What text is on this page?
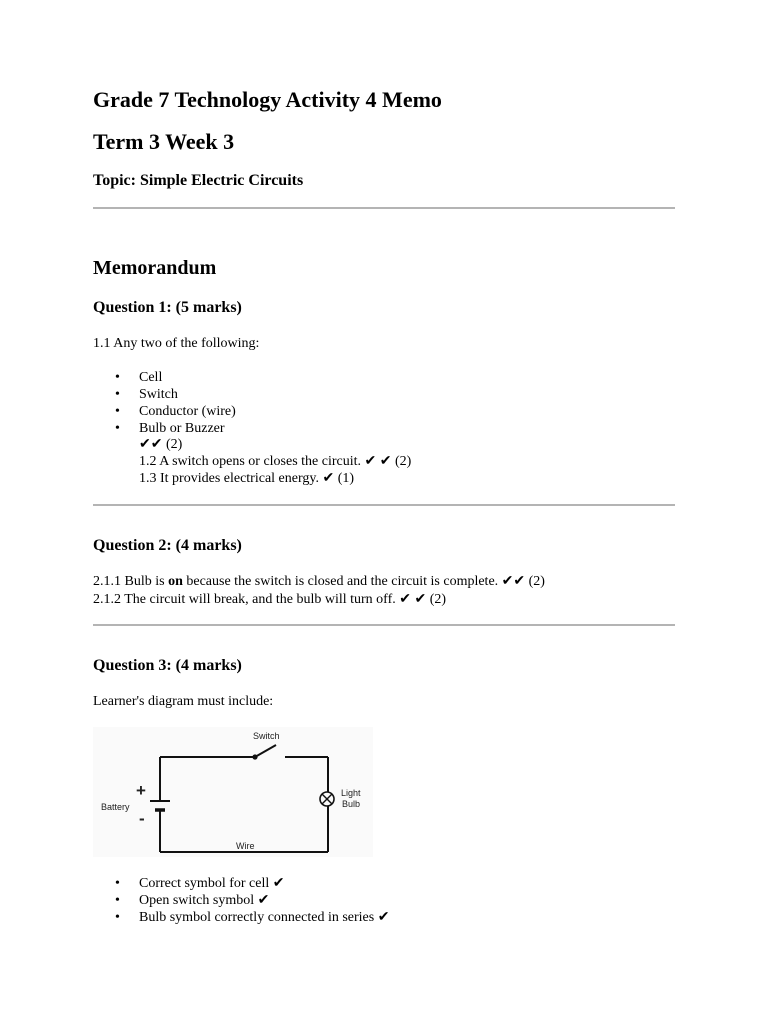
Grade 7 Technology Activity 4 Memo
Term 3 Week 3
Topic: Simple Electric Circuits
Memorandum
Question 1: (5 marks)
1.1 Any two of the following:
• Cell
• Switch
• Conductor (wire)
• Bulb or Buzzer
✔✔ (2)
1.2 A switch opens or closes the circuit. ✔ ✔ (2)
1.3 It provides electrical energy. ✔ (1)
Question 2: (4 marks)
2.1.1 Bulb is on because the switch is closed and the circuit is complete. ✔✔ (2)
2.1.2 The circuit will break, and the bulb will turn off. ✔ ✔ (2)
Question 3: (4 marks)
Learner's diagram must include:
Switch
Light
Bulb
Wire
+
-
Battery
• Correct symbol for cell ✔
• Open switch symbol ✔
• Bulb symbol correctly connected in series ✔
